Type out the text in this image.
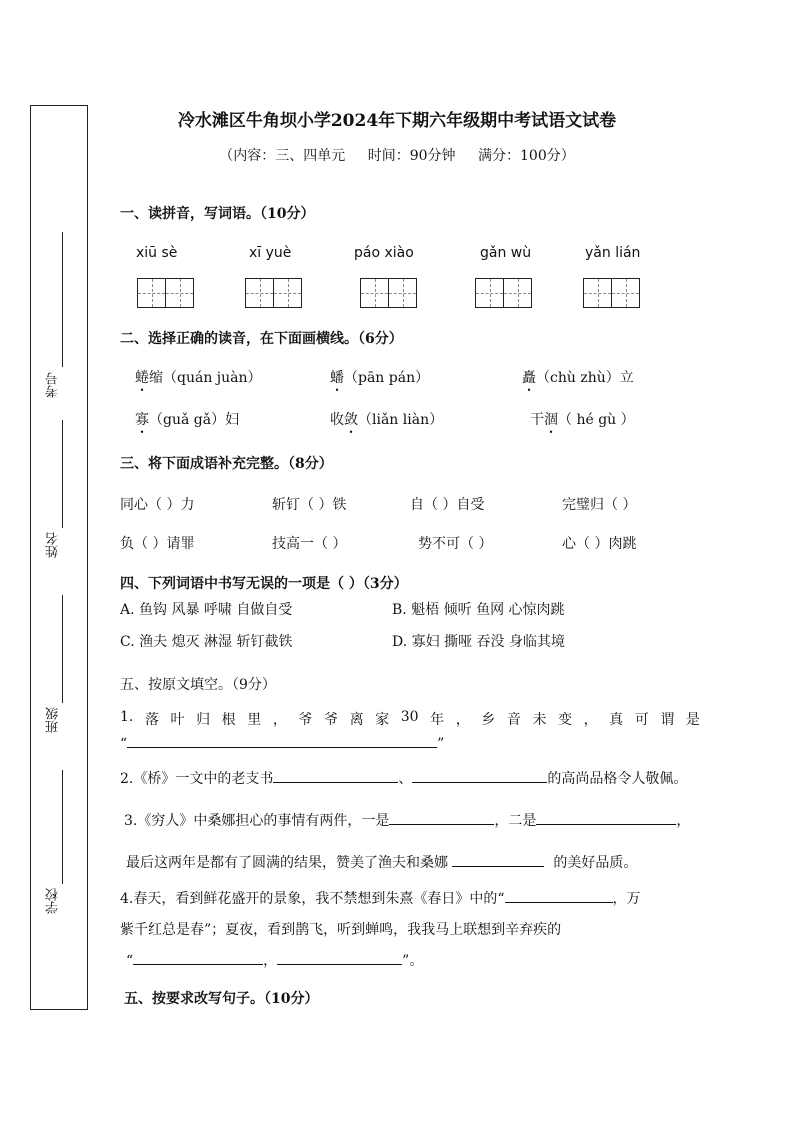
考号
姓名
班级
学校
冷水滩区牛角坝小学2024年下期六年级期中考试语文试卷
（内容：三、四单元 时间：90分钟 满分：100分）
一、读拼音，写词语。（10分）
xiū sè	xī yuè	páo xiào	gǎn wù	yǎn lián
二、选择正确的读音，在下面画横线。（6分）
蜷缩（quán juàn）	蟠（pān pán）	矗（chù zhù）立
寡（guǎ gǎ）妇	收敛（liǎn liàn）	干涸（ hé gù ）
三、将下面成语补充完整。（8分）
同心（ ）力	斩钉（ ）铁	自（ ）自受	完璧归（ ）
负（ ）请罪	技高一（ ）	势不可（ ）	心（ ）肉跳
四、下列词语中书写无误的一项是（ ）（3分）
A. 鱼钩 风暴 呼啸 自做自受	B. 魁梧 倾听 鱼网 心惊肉跳
C. 渔夫 熄灭 淋湿 斩钉截铁	D. 寡妇 撕哑 吞没 身临其境
五、按原文填空。（9分）
1. 落 叶 归 根 里 ， 爷 爷 离 家 30 年 ， 乡 音 未 变 ， 真 可 谓 是
“	”
2.《桥》一文中的老支书	、	的高尚品格令人敬佩。
3.《穷人》中桑娜担心的事情有两件，一是	，二是	，
最后这两年是都有了圆满的结果，赞美了渔夫和桑娜	的美好品质。
4.春天，看到鲜花盛开的景象，我不禁想到朱熹《春日》中的“	，万
紫千红总是春”；夏夜，看到鹊飞，听到蝉鸣，我我马上联想到辛弃疾的
“	，	”。
五、按要求改写句子。（10分）
